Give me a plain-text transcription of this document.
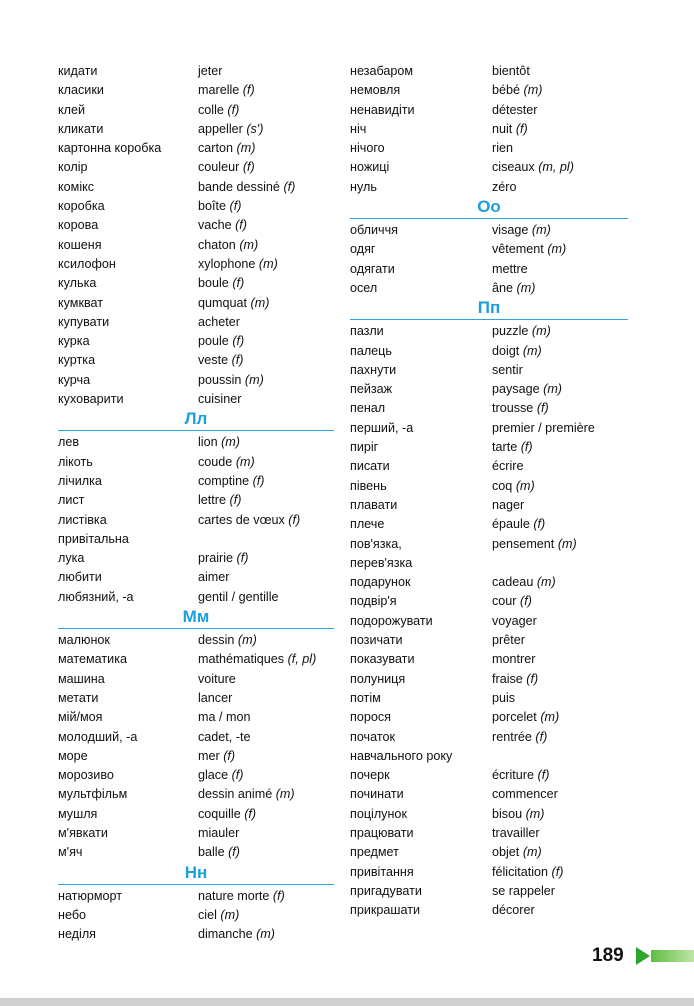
кидати	jeter
класики	marelle (f)
клей	colle (f)
кликати	appeller (s')
картонна коробка	carton (m)
колір	couleur (f)
комікс	bande dessiné (f)
коробка	boîte (f)
корова	vache (f)
кошеня	chaton (m)
ксилофон	xylophone (m)
кулька	boule (f)
кумкват	qumquat (m)
купувати	acheter
курка	poule (f)
куртка	veste (f)
курча	poussin (m)
куховарити	cuisiner
Лл
лев	lion (m)
лікоть	coude (m)
лічилка	comptine (f)
лист	lettre (f)
листівка	cartes de vœux (f)
привітальна
лука	prairie (f)
любити	aimer
любязний, -а	gentil / gentille
Мм
малюнок	dessin (m)
математика	mathématiques (f, pl)
машина	voiture
метати	lancer
мій/моя	ma / mon
молодший, -а	cadet, -te
море	mer (f)
морозиво	glace (f)
мультфільм	dessin animé (m)
мушля	coquille (f)
м'явкати	miauler
м'яч	balle (f)
Нн
натюрморт	nature morte (f)
небо	ciel (m)
неділя	dimanche (m)
незабаром	bientôt
немовля	bébé (m)
ненавидіти	détester
ніч	nuit (f)
нічого	rien
ножиці	ciseaux (m, pl)
нуль	zéro
Оо
обличчя	visage (m)
одяг	vêtement (m)
одягати	mettre
осел	âne (m)
Пп
пазли	puzzle (m)
палець	doigt (m)
пахнути	sentir
пейзаж	paysage (m)
пенал	trousse (f)
перший, -а	premier / première
пиріг	tarte (f)
писати	écrire
півень	coq (m)
плавати	nager
плече	épaule (f)
пов'язка,	pensement (m)
перев'язка
подарунок	cadeau (m)
подвір'я	cour (f)
подорожувати	voyager
позичати	prêter
показувати	montrer
полуниця	fraise (f)
потім	puis
порося	porcelet (m)
початок	rentrée (f)
навчального року
почерк	écriture (f)
починати	commencer
поцілунок	bisou (m)
працювати	travailler
предмет	objet (m)
привітання	félicitation (f)
пригадувати	se rappeler
прикрашати	décorer
189
